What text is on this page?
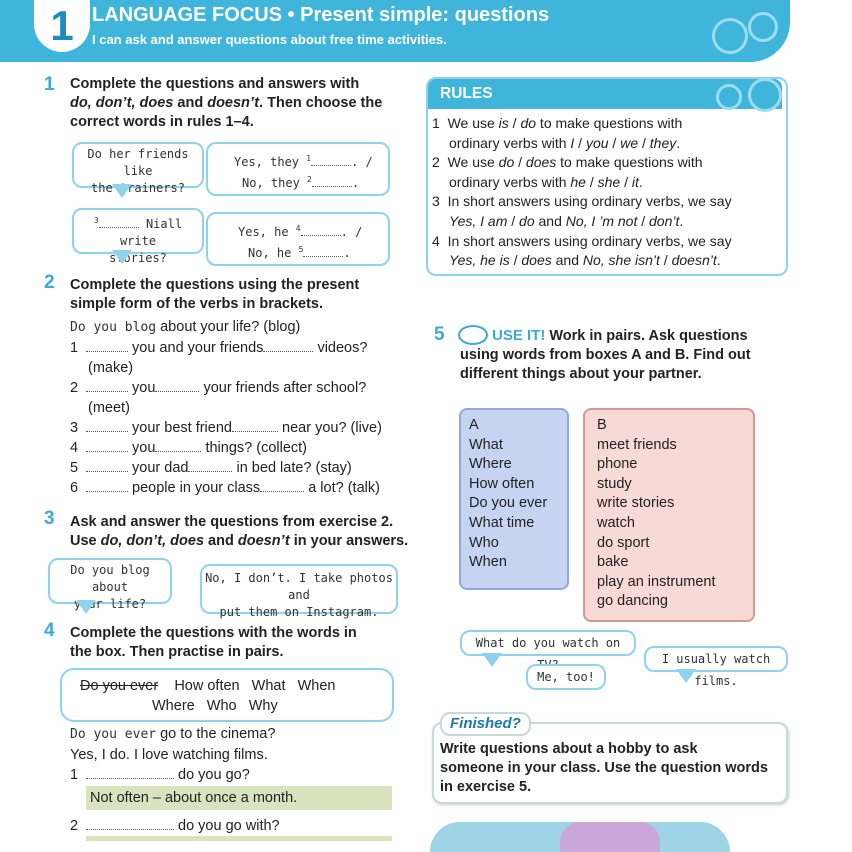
1 LANGUAGE FOCUS • Present simple: questions
I can ask and answer questions about free time activities.
1 Complete the questions and answers with
do, don’t, does and doesn’t. Then choose the
correct words in rules 1–4.
Do her friends like
the trainers?
Yes, they $^1$	. /
No, they $^2$	.
$^3$	Niall write
stories?
Yes, he $^4$	. /
No, he $^5$	.
RULES
1  We use is / do to make questions with
ordinary verbs with I / you / we / they.
2  We use do / does to make questions with
ordinary verbs with he / she / it.
3  In short answers using ordinary verbs, we say
Yes, I am / do and No, I ’m not / don’t.
4  In short answers using ordinary verbs, we say
Yes, he is / does and No, she isn’t / doesn’t.
2 Complete the questions using the present
simple form of the verbs in brackets.
Do you blog about your life? (blog)
1	you and your friends	videos?
(make)
2	you	your friends after school?
(meet)
3	your best friend	near you? (live)
4	you	things? (collect)
5	your dad	in bed late? (stay)
6	people in your class	a lot? (talk)
3 Ask and answer the questions from exercise 2.
Use do, don’t, does and doesn’t in your answers.
Do you blog about
your life?
No, I don’t. I take photos and
put them on Instagram.
4 Complete the questions with the words in
the box. Then practise in pairs.
Do you ever How often   What   When
Where   Who   Why
Do you ever go to the cinema?
Yes, I do. I love watching films.
1	do you go?
Not often – about once a month.
2	do you go with?
5	USE IT! Work in pairs. Ask questions
using words from boxes A and B. Find out
different things about your partner.
A
What
Where
How often
Do you ever
What time
Who
When
B
meet friends
phone
study
write stories
watch
do sport
bake
play an instrument
go dancing
What do you watch on
I usually watch films.
Me, too!
Finished?
Write questions about a hobby to ask
someone in your class. Use the question words
in exercise 5.
